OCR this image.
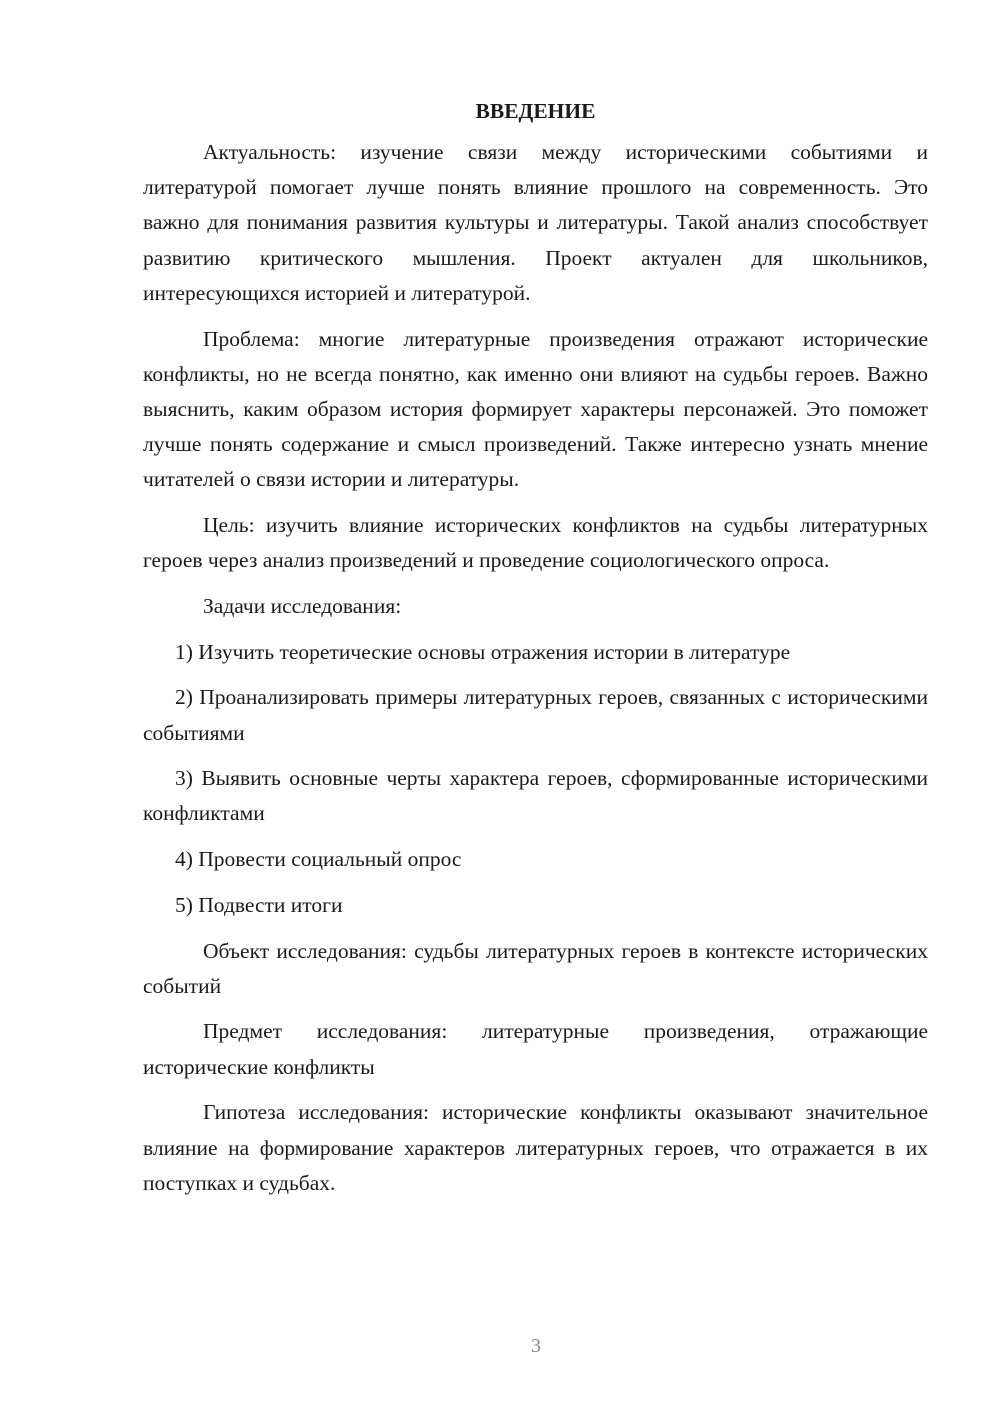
ВВЕДЕНИЕ

Актуальность: изучение связи между историческими событиями и литературой помогает лучше понять влияние прошлого на современность. Это важно для понимания развития культуры и литературы. Такой анализ способствует развитию критического мышления. Проект актуален для школьников, интересующихся историей и литературой.

Проблема: многие литературные произведения отражают исторические конфликты, но не всегда понятно, как именно они влияют на судьбы героев. Важно выяснить, каким образом история формирует характеры персонажей. Это поможет лучше понять содержание и смысл произведений. Также интересно узнать мнение читателей о связи истории и литературы.

Цель: изучить влияние исторических конфликтов на судьбы литературных героев через анализ произведений и проведение социологического опроса.

Задачи исследования:

1) Изучить теоретические основы отражения истории в литературе

2) Проанализировать примеры литературных героев, связанных с историческими событиями

3) Выявить основные черты характера героев, сформированные историческими конфликтами

4) Провести социальный опрос

5) Подвести итоги

Объект исследования: судьбы литературных героев в контексте исторических событий

Предмет исследования: литературные произведения, отражающие исторические конфликты

Гипотеза исследования: исторические конфликты оказывают значительное влияние на формирование характеров литературных героев, что отражается в их поступках и судьбах.

3
